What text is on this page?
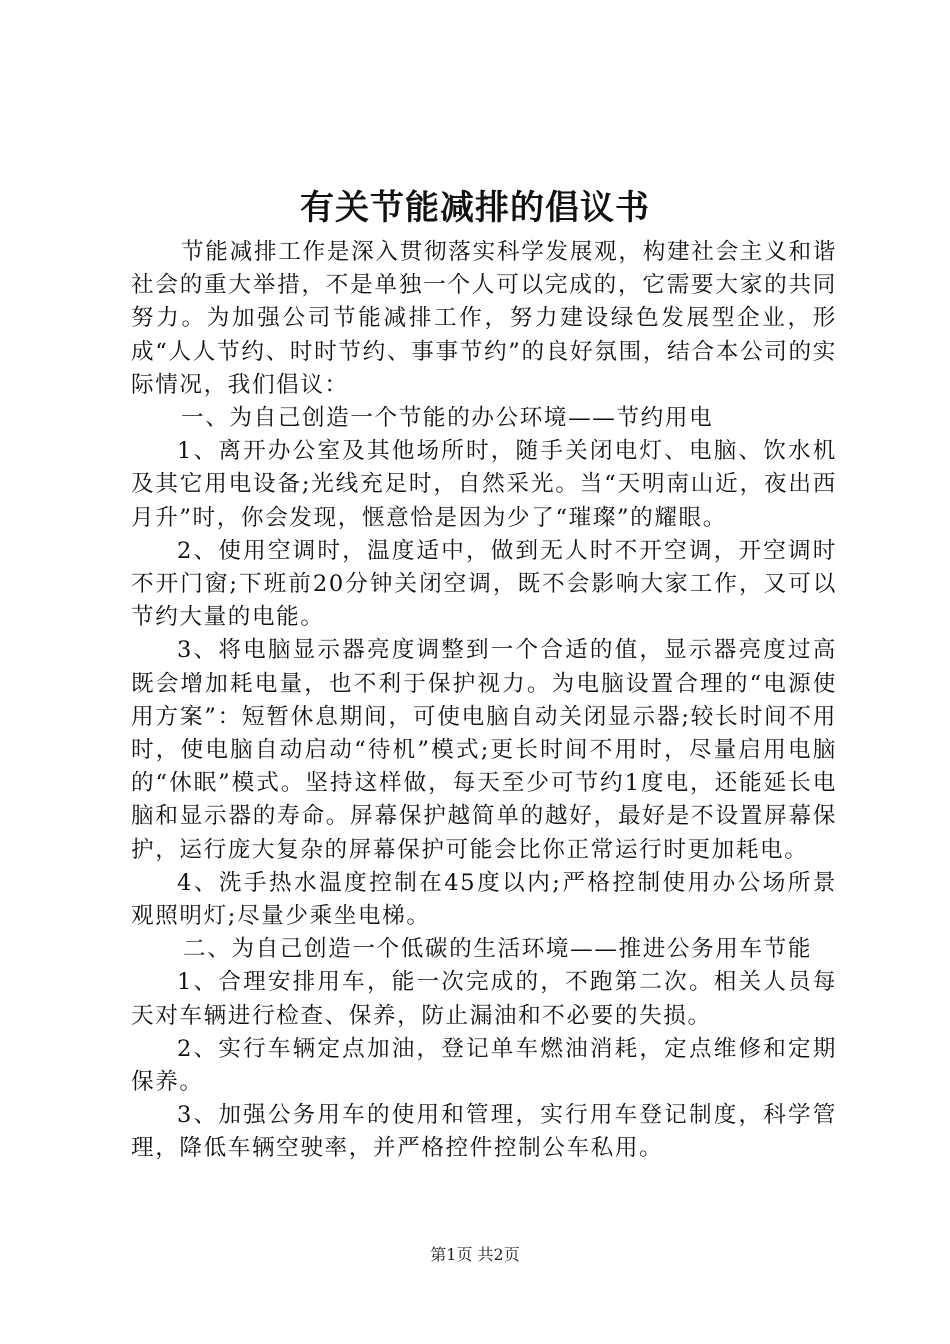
有关节能减排的倡议书

节能减排工作是深入贯彻落实科学发展观，构建社会主义和谐社会的重大举措，不是单独一个人可以完成的，它需要大家的共同努力。为加强公司节能减排工作，努力建设绿色发展型企业，形成“人人节约、时时节约、事事节约”的良好氛围，结合本公司的实际情况，我们倡议：

一、为自己创造一个节能的办公环境——节约用电

1、离开办公室及其他场所时，随手关闭电灯、电脑、饮水机及其它用电设备;光线充足时，自然采光。当“天明南山近，夜出西月升”时，你会发现，惬意恰是因为少了“璀璨”的耀眼。

2、使用空调时，温度适中，做到无人时不开空调，开空调时不开门窗;下班前20分钟关闭空调，既不会影响大家工作，又可以节约大量的电能。

3、将电脑显示器亮度调整到一个合适的值，显示器亮度过高既会增加耗电量，也不利于保护视力。为电脑设置合理的“电源使用方案”：短暂休息期间，可使电脑自动关闭显示器;较长时间不用时，使电脑自动启动“待机”模式;更长时间不用时，尽量启用电脑的“休眠”模式。坚持这样做，每天至少可节约1度电，还能延长电脑和显示器的寿命。屏幕保护越简单的越好，最好是不设置屏幕保护，运行庞大复杂的屏幕保护可能会比你正常运行时更加耗电。

4、洗手热水温度控制在45度以内;严格控制使用办公场所景观照明灯;尽量少乘坐电梯。

二、为自己创造一个低碳的生活环境——推进公务用车节能

1、合理安排用车，能一次完成的，不跑第二次。相关人员每天对车辆进行检查、保养，防止漏油和不必要的失损。

2、实行车辆定点加油，登记单车燃油消耗，定点维修和定期保养。

3、加强公务用车的使用和管理，实行用车登记制度，科学管理，降低车辆空驶率，并严格控件控制公车私用。

第1页 共2页
